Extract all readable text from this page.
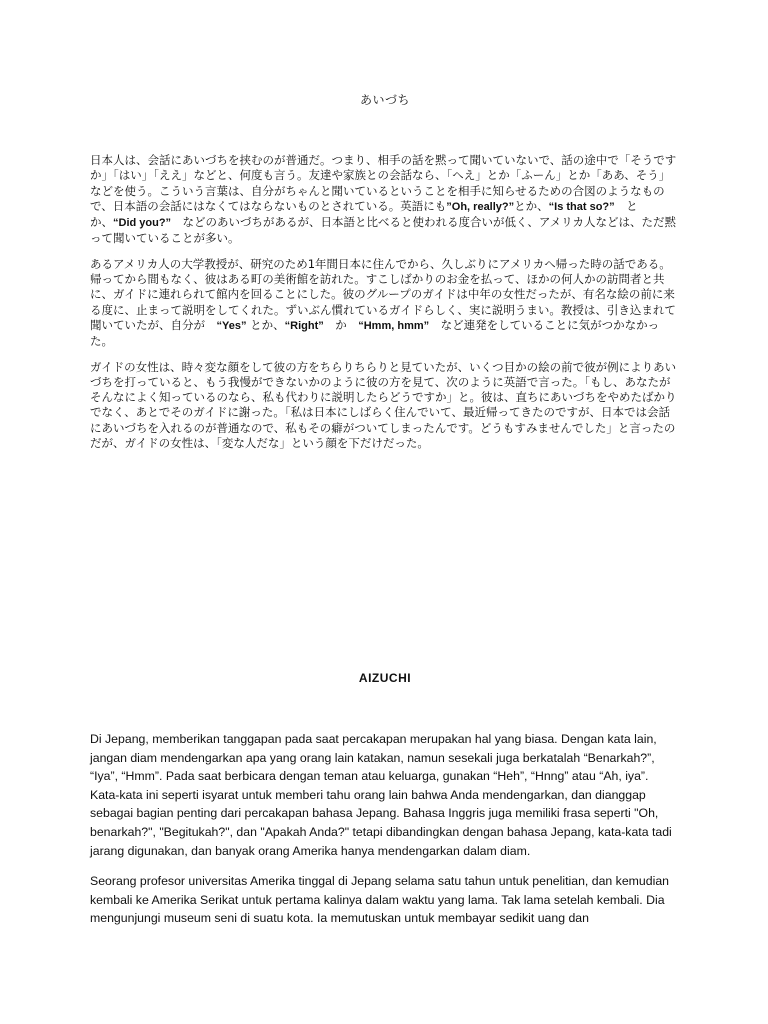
あいづち

日本人は、会話にあいづちを挟むのが普通だ。つまり、相手の話を黙って聞いていないで、話の途中で「そうですか」「はい」「ええ」などと、何度も言う。友達や家族との会話なら、「へえ」とか「ふーん」とか「ああ、そう」などを使う。こういう言葉は、自分がちゃんと聞いているということを相手に知らせるための合図のようなもので、日本語の会話にはなくてはならないものとされている。英語にも”Oh, really?”とか、“Is that so?”　とか、“Did you?”　などのあいづちがあるが、日本語と比べると使われる度合いが低く、アメリカ人などは、ただ黙って聞いていることが多い。

あるアメリカ人の大学教授が、研究のため1年間日本に住んでから、久しぶりにアメリカへ帰った時の話である。帰ってから間もなく、彼はある町の美術館を訪れた。すこしばかりのお金を払って、ほかの何人かの訪問者と共に、ガイドに連れられて館内を回ることにした。彼のグループのガイドは中年の女性だったが、有名な絵の前に来る度に、止まって説明をしてくれた。ずいぶん慣れているガイドらしく、実に説明うまい。教授は、引き込まれて聞いていたが、自分が　“Yes” とか、“Right”　か　“Hmm, hmm”　など連発をしていることに気がつかなかった。

ガイドの女性は、時々変な顔をして彼の方をちらりちらりと見ていたが、いくつ目かの絵の前で彼が例によりあいづちを打っていると、もう我慢ができないかのように彼の方を見て、次のように英語で言った。「もし、あなたがそんなによく知っているのなら、私も代わりに説明したらどうですか」と。彼は、直ちにあいづちをやめたばかりでなく、あとでそのガイドに謝った。「私は日本にしばらく住んでいて、最近帰ってきたのですが、日本では会話にあいづちを入れるのが普通なので、私もその癖がついてしまったんです。どうもすみませんでした」と言ったのだが、ガイドの女性は、「変な人だな」という顔を下だけだった。

AIZUCHI

Di Jepang, memberikan tanggapan pada saat percakapan merupakan hal yang biasa. Dengan kata lain, jangan diam mendengarkan apa yang orang lain katakan, namun sesekali juga berkatalah “Benarkah?”, “Iya”, “Hmm”. Pada saat berbicara dengan teman atau keluarga, gunakan “Heh”, “Hnng” atau “Ah, iya”. Kata-kata ini seperti isyarat untuk memberi tahu orang lain bahwa Anda mendengarkan, dan dianggap sebagai bagian penting dari percakapan bahasa Jepang. Bahasa Inggris juga memiliki frasa seperti "Oh, benarkah?", "Begitukah?", dan "Apakah Anda?" tetapi dibandingkan dengan bahasa Jepang, kata-kata tadi jarang digunakan, dan banyak orang Amerika hanya mendengarkan dalam diam.

Seorang profesor universitas Amerika tinggal di Jepang selama satu tahun untuk penelitian, dan kemudian kembali ke Amerika Serikat untuk pertama kalinya dalam waktu yang lama. Tak lama setelah kembali. Dia mengunjungi museum seni di suatu kota. Ia memutuskan untuk membayar sedikit uang dan
